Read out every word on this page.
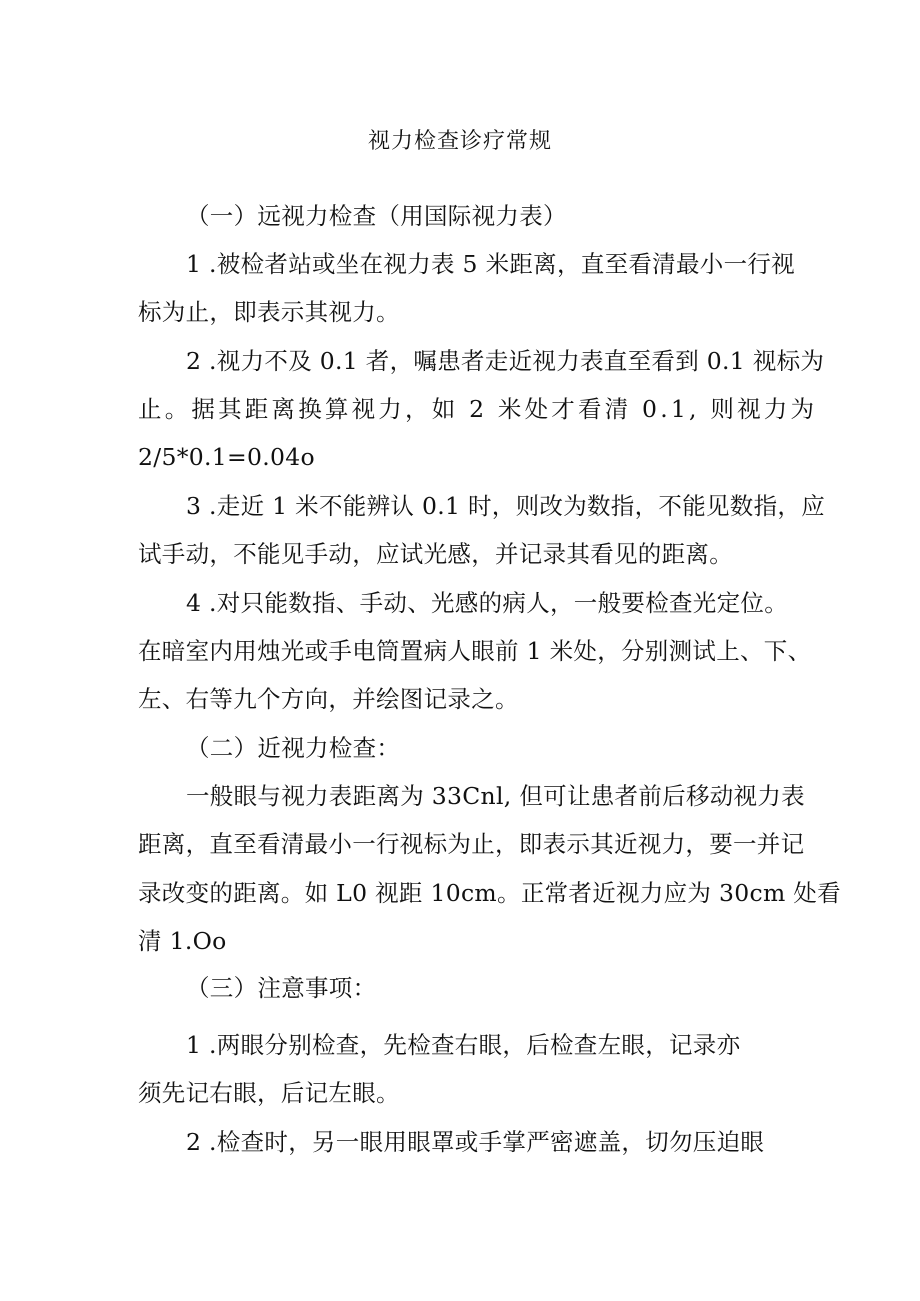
视力检查诊疗常规
（一）远视力检查（用国际视力表）
1 .被检者站或坐在视力表 5 米距离，直至看清最小一行视
标为止，即表示其视力。
2 .视力不及 0.1 者，嘱患者走近视力表直至看到 0.1 视标为
止。据其距离换算视力，如 2 米处才看清 0.1, 则视力为
2/5*0.1=0.04o
3 .走近 1 米不能辨认 0.1 时，则改为数指，不能见数指，应
试手动，不能见手动，应试光感，并记录其看见的距离。
4 .对只能数指、手动、光感的病人，一般要检查光定位。
在暗室内用烛光或手电筒置病人眼前 1 米处，分别测试上、下、
左、右等九个方向，并绘图记录之。
（二）近视力检查：
一般眼与视力表距离为 33Cnl, 但可让患者前后移动视力表
距离，直至看清最小一行视标为止，即表示其近视力，要一并记
录改变的距离。如 L0 视距 10cm。正常者近视力应为 30cm 处看
清 1.Oo
（三）注意事项：
1 .两眼分别检查，先检查右眼，后检查左眼，记录亦
须先记右眼，后记左眼。
2 .检查时，另一眼用眼罩或手掌严密遮盖，切勿压迫眼
